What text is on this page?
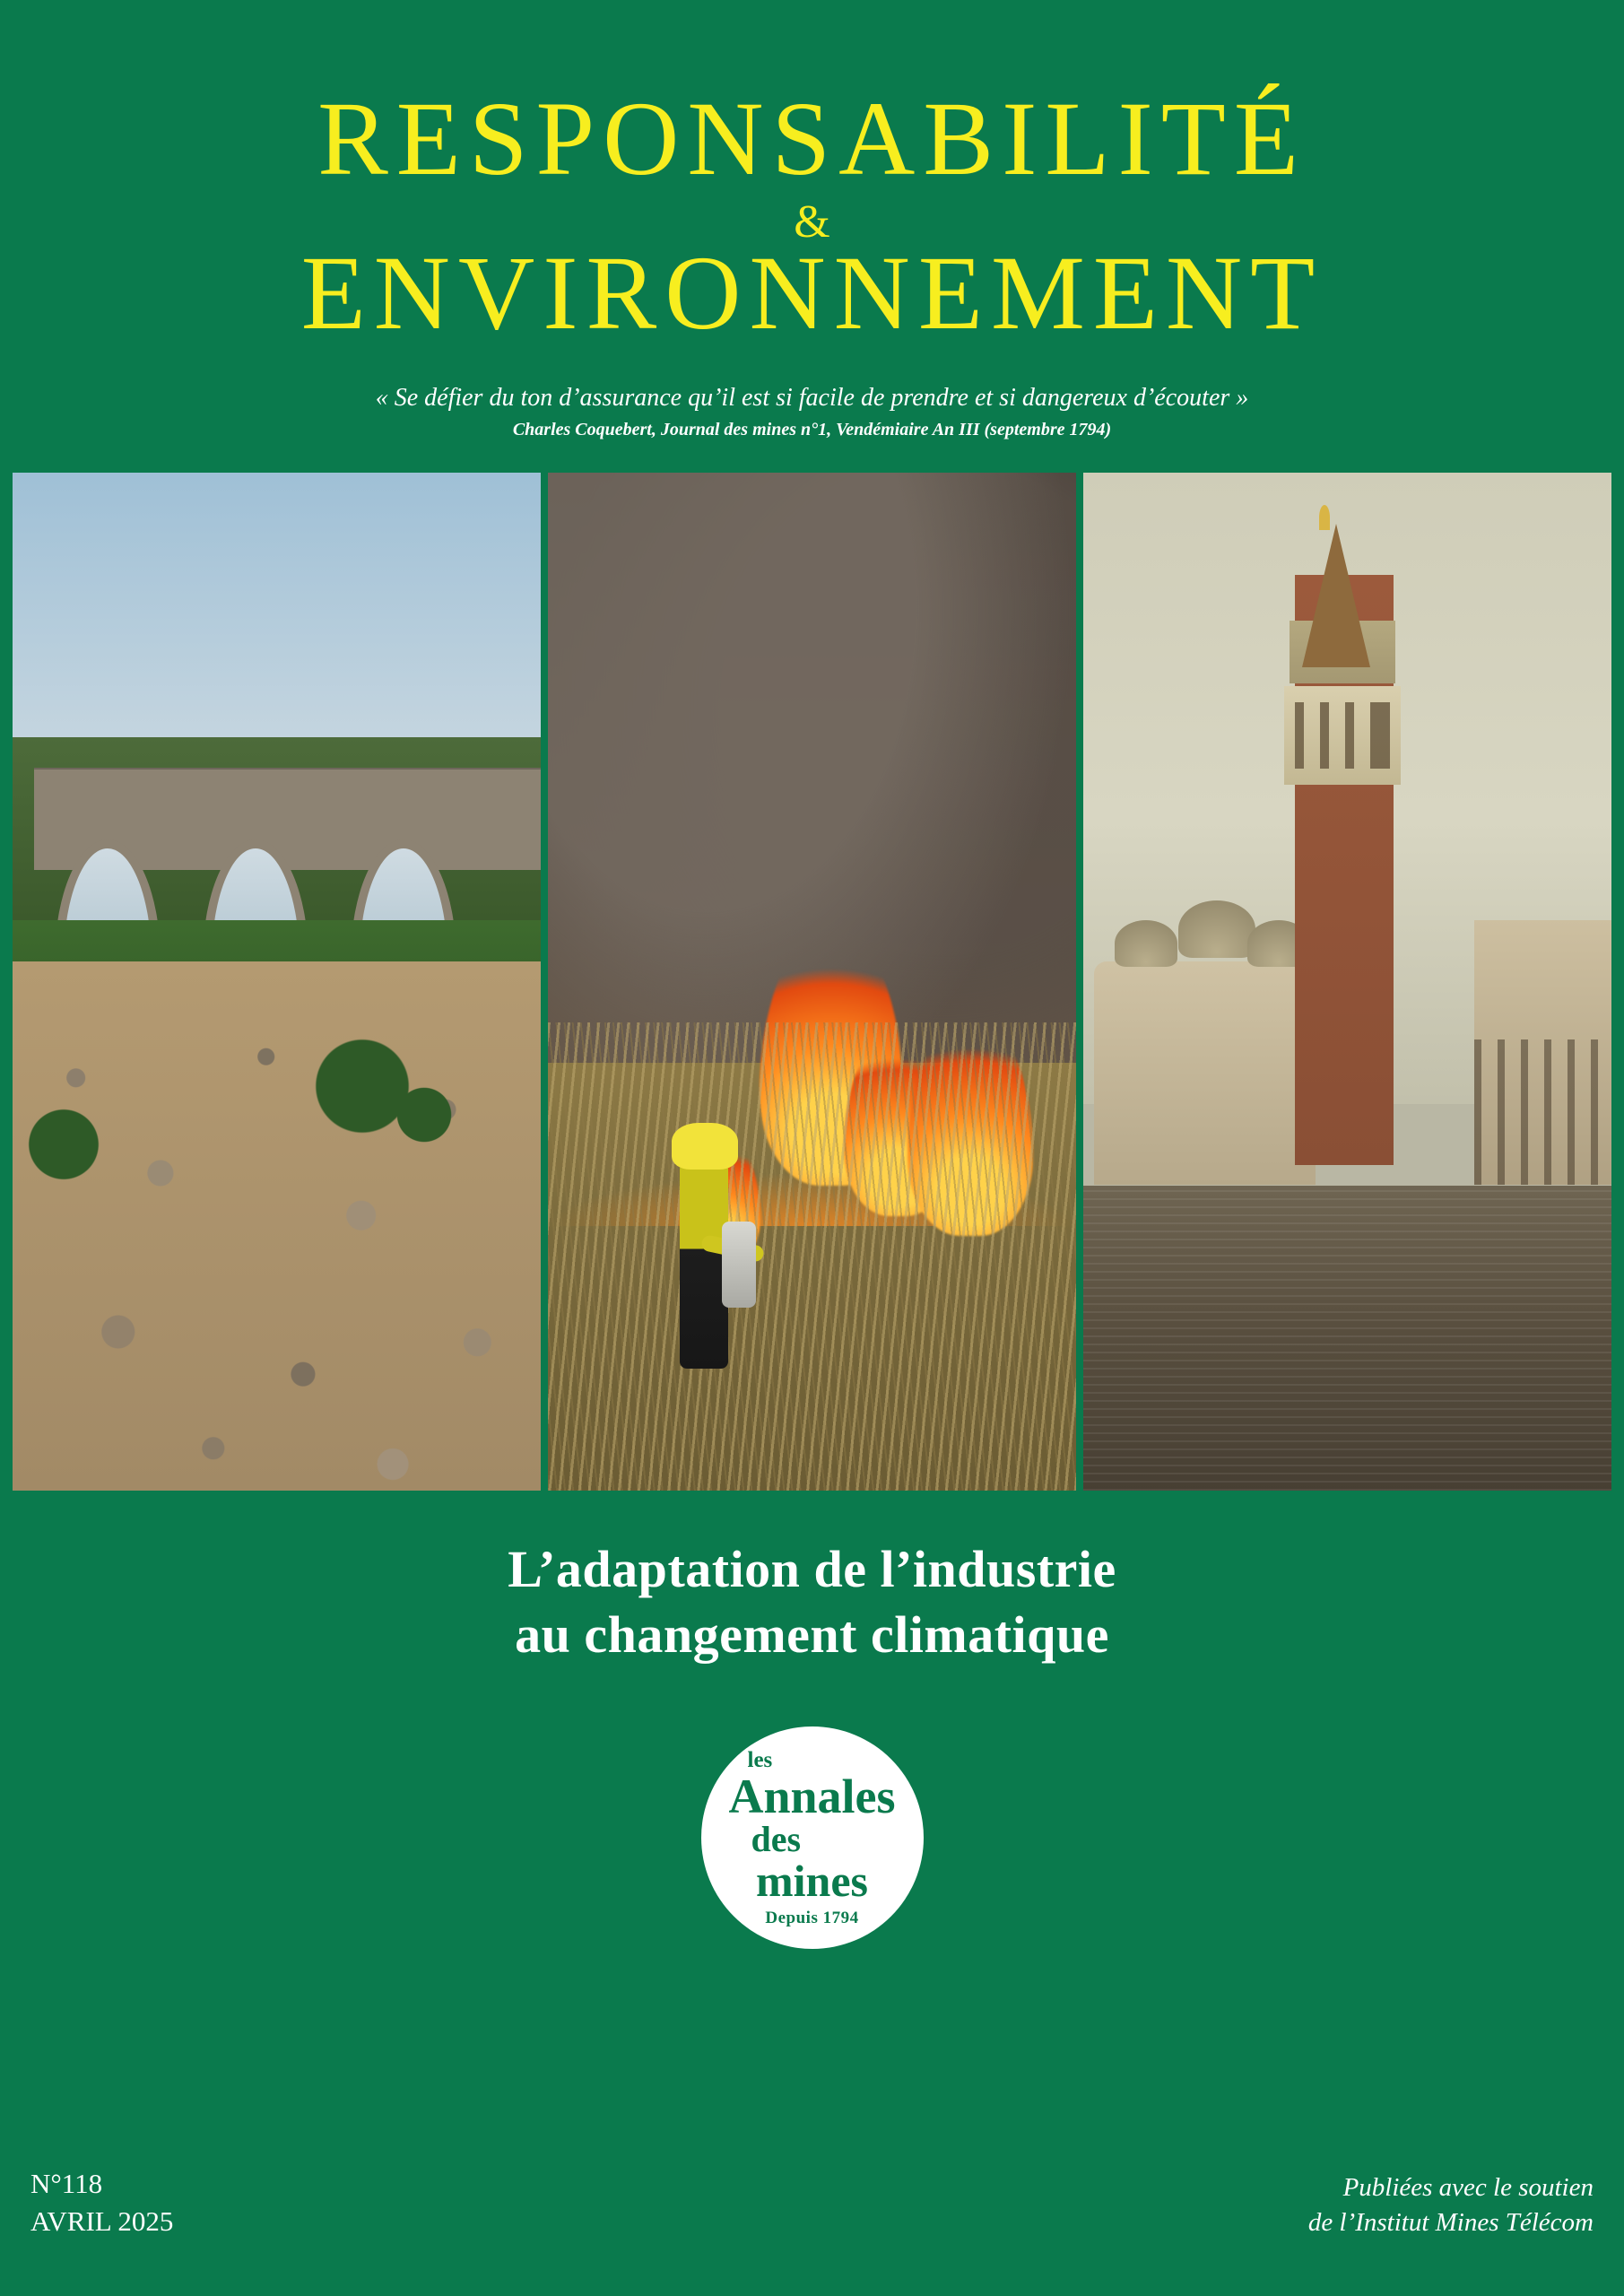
RESPONSABILITÉ
&
ENVIRONNEMENT
« Se défier du ton d’assurance qu’il est si facile de prendre et si dangereux d’écouter »
Charles Coquebert, Journal des mines n°1, Vendémiaire An III (septembre 1794)
L’adaptation de l’industrie
au changement climatique
les
Annales
des
mines
Depuis 1794
N°118
AVRIL 2025
Publiées avec le soutien
de l’Institut Mines Télécom
